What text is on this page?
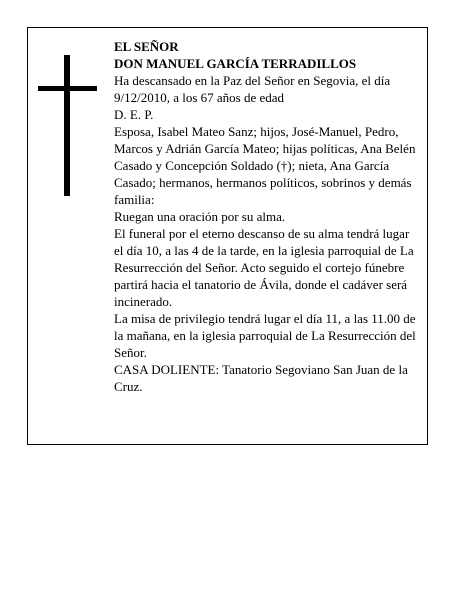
EL SEÑOR

DON MANUEL GARCÍA TERRADILLOS

Ha descansado en la Paz del Señor en Segovia, el día 9/12/2010, a los 67 años de edad

D. E. P.

Esposa, Isabel Mateo Sanz; hijos, José-Manuel, Pedro, Marcos y Adrián García Mateo; hijas políticas, Ana Belén Casado y Concepción Soldado (†); nieta, Ana García Casado; hermanos, hermanos políticos, sobrinos y demás familia:

Ruegan una oración por su alma.

El funeral por el eterno descanso de su alma tendrá lugar el día 10, a las 4 de la tarde, en la iglesia parroquial de La Resurrección del Señor. Acto seguido el cortejo fúnebre partirá hacia el tanatorio de Ávila, donde el cadáver será incinerado.

La misa de privilegio tendrá lugar el día 11, a las 11.00 de la mañana, en la iglesia parroquial de La Resurrección del Señor.

CASA DOLIENTE: Tanatorio Segoviano San Juan de la Cruz.
